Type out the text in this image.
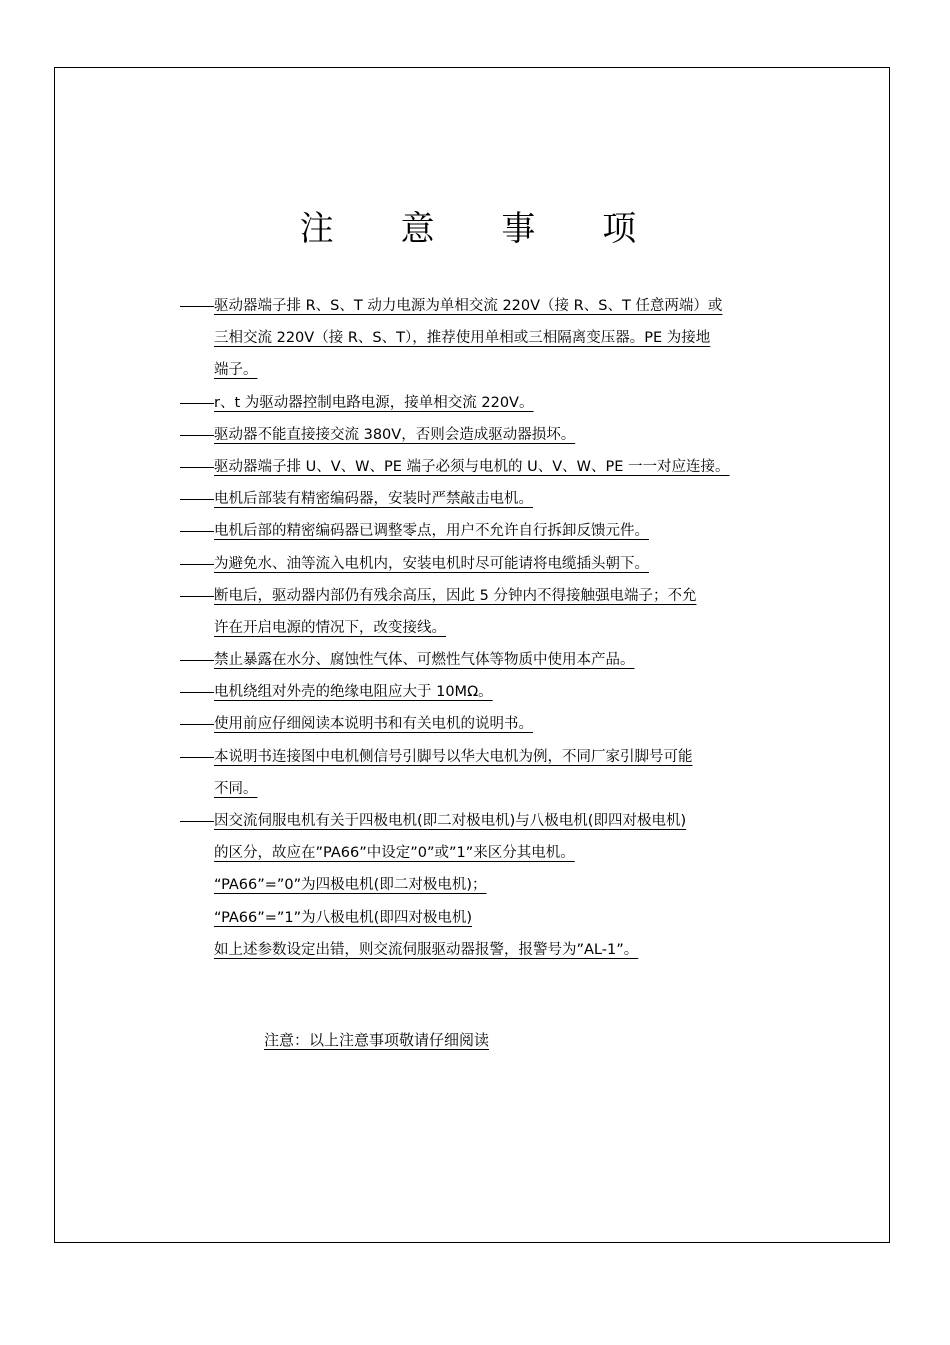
注 意 事 项
驱动器端子排 R、S、T 动力电源为单相交流 220V（接 R、S、T 任意两端）或
三相交流 220V（接 R、S、T），推荐使用单相或三相隔离变压器。PE 为接地
端子。
r、t 为驱动器控制电路电源，接单相交流 220V。
驱动器不能直接接交流 380V，否则会造成驱动器损坏。
驱动器端子排 U、V、W、PE 端子必须与电机的 U、V、W、PE 一一对应连接。
电机后部装有精密编码器，安装时严禁敲击电机。
电机后部的精密编码器已调整零点，用户不允许自行拆卸反馈元件。
为避免水、油等流入电机内，安装电机时尽可能请将电缆插头朝下。
断电后，驱动器内部仍有残余高压，因此 5 分钟内不得接触强电端子；不允
许在开启电源的情况下，改变接线。
禁止暴露在水分、腐蚀性气体、可燃性气体等物质中使用本产品。
电机绕组对外壳的绝缘电阻应大于 10MΩ。
使用前应仔细阅读本说明书和有关电机的说明书。
本说明书连接图中电机侧信号引脚号以华大电机为例，不同厂家引脚号可能
不同。
因交流伺服电机有关于四极电机(即二对极电机)与八极电机(即四对极电机)
的区分，故应在”PA66”中设定”0”或”1”来区分其电机。
“PA66”=”0”为四极电机(即二对极电机)；
“PA66”=”1”为八极电机(即四对极电机)
如上述参数设定出错，则交流伺服驱动器报警，报警号为”AL-1”。
注意：以上注意事项敬请仔细阅读
